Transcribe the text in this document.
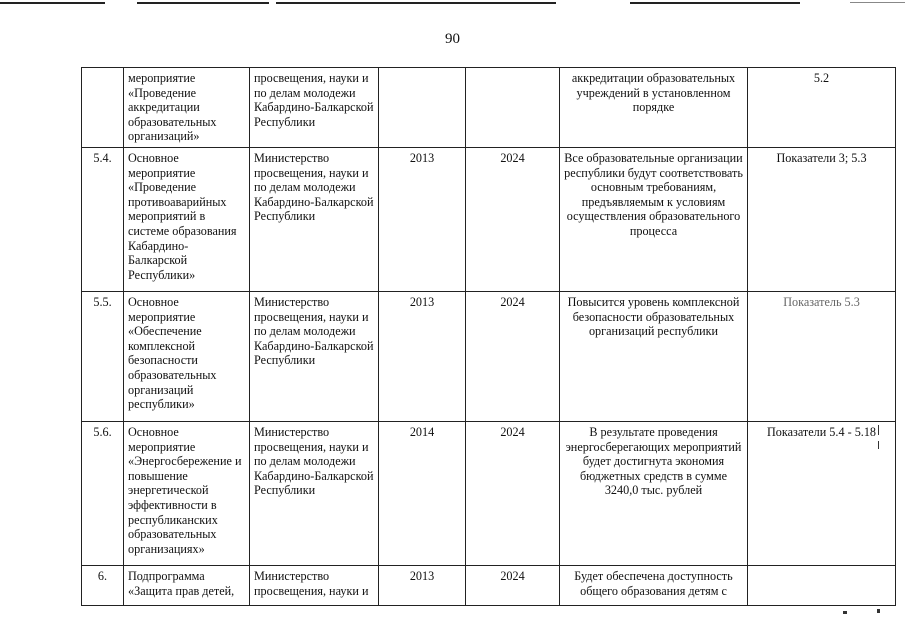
90
	мероприятие «Проведение аккредитации образовательных организаций»	просвещения, науки и по делам молодежи Кабардино-Балкарской Республики			аккредитации образовательных учреждений в установленном порядке	5.2
5.4.	Основное мероприятие «Проведение противоаварийных мероприятий в системе образования Кабардино-Балкарской Республики»	Министерство просвещения, науки и по делам молодежи Кабардино-Балкарской Республики	2013	2024	Все образовательные организации республики будут соответствовать основным требованиям, предъявляемым к условиям осуществления образовательного процесса	Показатели 3; 5.3
5.5.	Основное мероприятие «Обеспечение комплексной безопасности образовательных организаций республики»	Министерство просвещения, науки и по делам молодежи Кабардино-Балкарской Республики	2013	2024	Повысится уровень комплексной безопасности образовательных организаций республики	Показатель 5.3
5.6.	Основное мероприятие «Энергосбережение и повышение энергетической эффективности в республиканских образовательных организациях»	Министерство просвещения, науки и по делам молодежи Кабардино-Балкарской Республики	2014	2024	В результате проведения энергосберегающих мероприятий будет достигнута экономия бюджетных средств в сумме 3240,0 тыс. рублей	Показатели 5.4 - 5.18
6.	Подпрограмма «Защита прав детей,	Министерство просвещения, науки и	2013	2024	Будет обеспечена доступность общего образования детям с	
